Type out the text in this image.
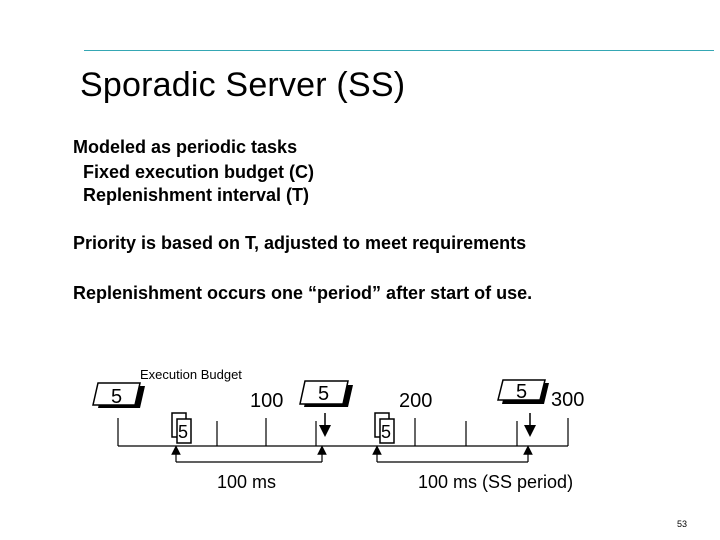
Sporadic Server (SS)
Modeled as periodic tasks
Fixed execution budget (C)
Replenishment interval (T)
Priority is based on T, adjusted to meet requirements
Replenishment occurs one “period” after start of use.
Execution Budget
5	5	5
100	200	300
5	5
100 ms	100 ms (SS period)
53
